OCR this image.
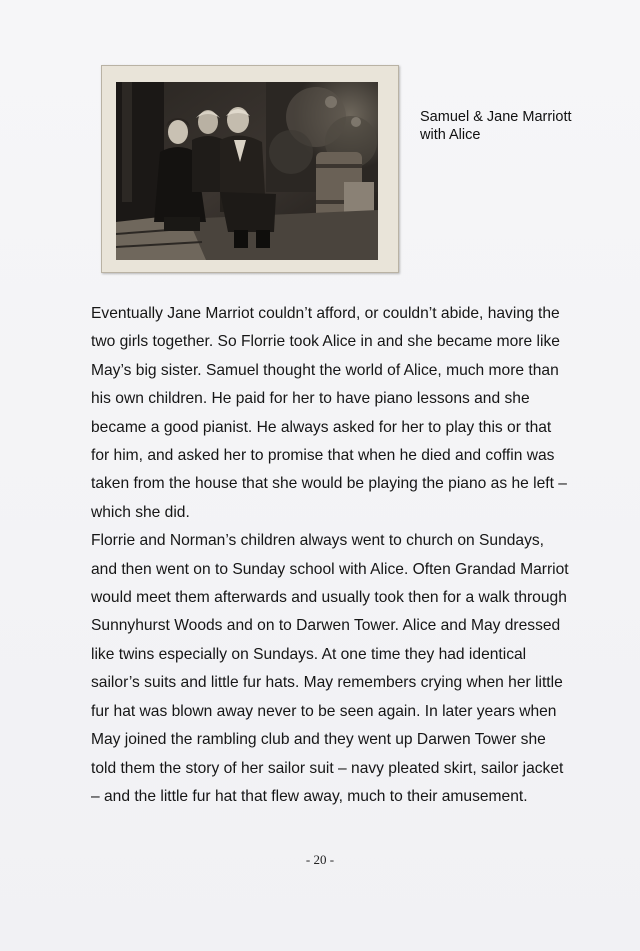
Samuel & Jane Marriott
with Alice
Eventually Jane Marriot couldn’t afford, or couldn’t abide, having the
two girls together. So Florrie took Alice in and she became more like
May’s big sister. Samuel thought the world of Alice, much more than
his own children. He paid for her to have piano lessons and she
became a good pianist. He always asked for her to play this or that
for him, and asked her to promise that when he died and coffin was
taken from the house that she would be playing the piano as he left –
which she did.
Florrie and Norman’s children always went to church on Sundays,
and then went on to Sunday school with Alice. Often Grandad Marriot
would meet them afterwards and usually took then for a walk through
Sunnyhurst Woods and on to Darwen Tower. Alice and May dressed
like twins especially on Sundays. At one time they had identical
sailor’s suits and little fur hats. May remembers crying when her little
fur hat was blown away never to be seen again. In later years when
May joined the rambling club and they went up Darwen Tower she
told them the story of her sailor suit – navy pleated skirt, sailor jacket
– and the little fur hat that flew away, much to their amusement.
- 20 -
